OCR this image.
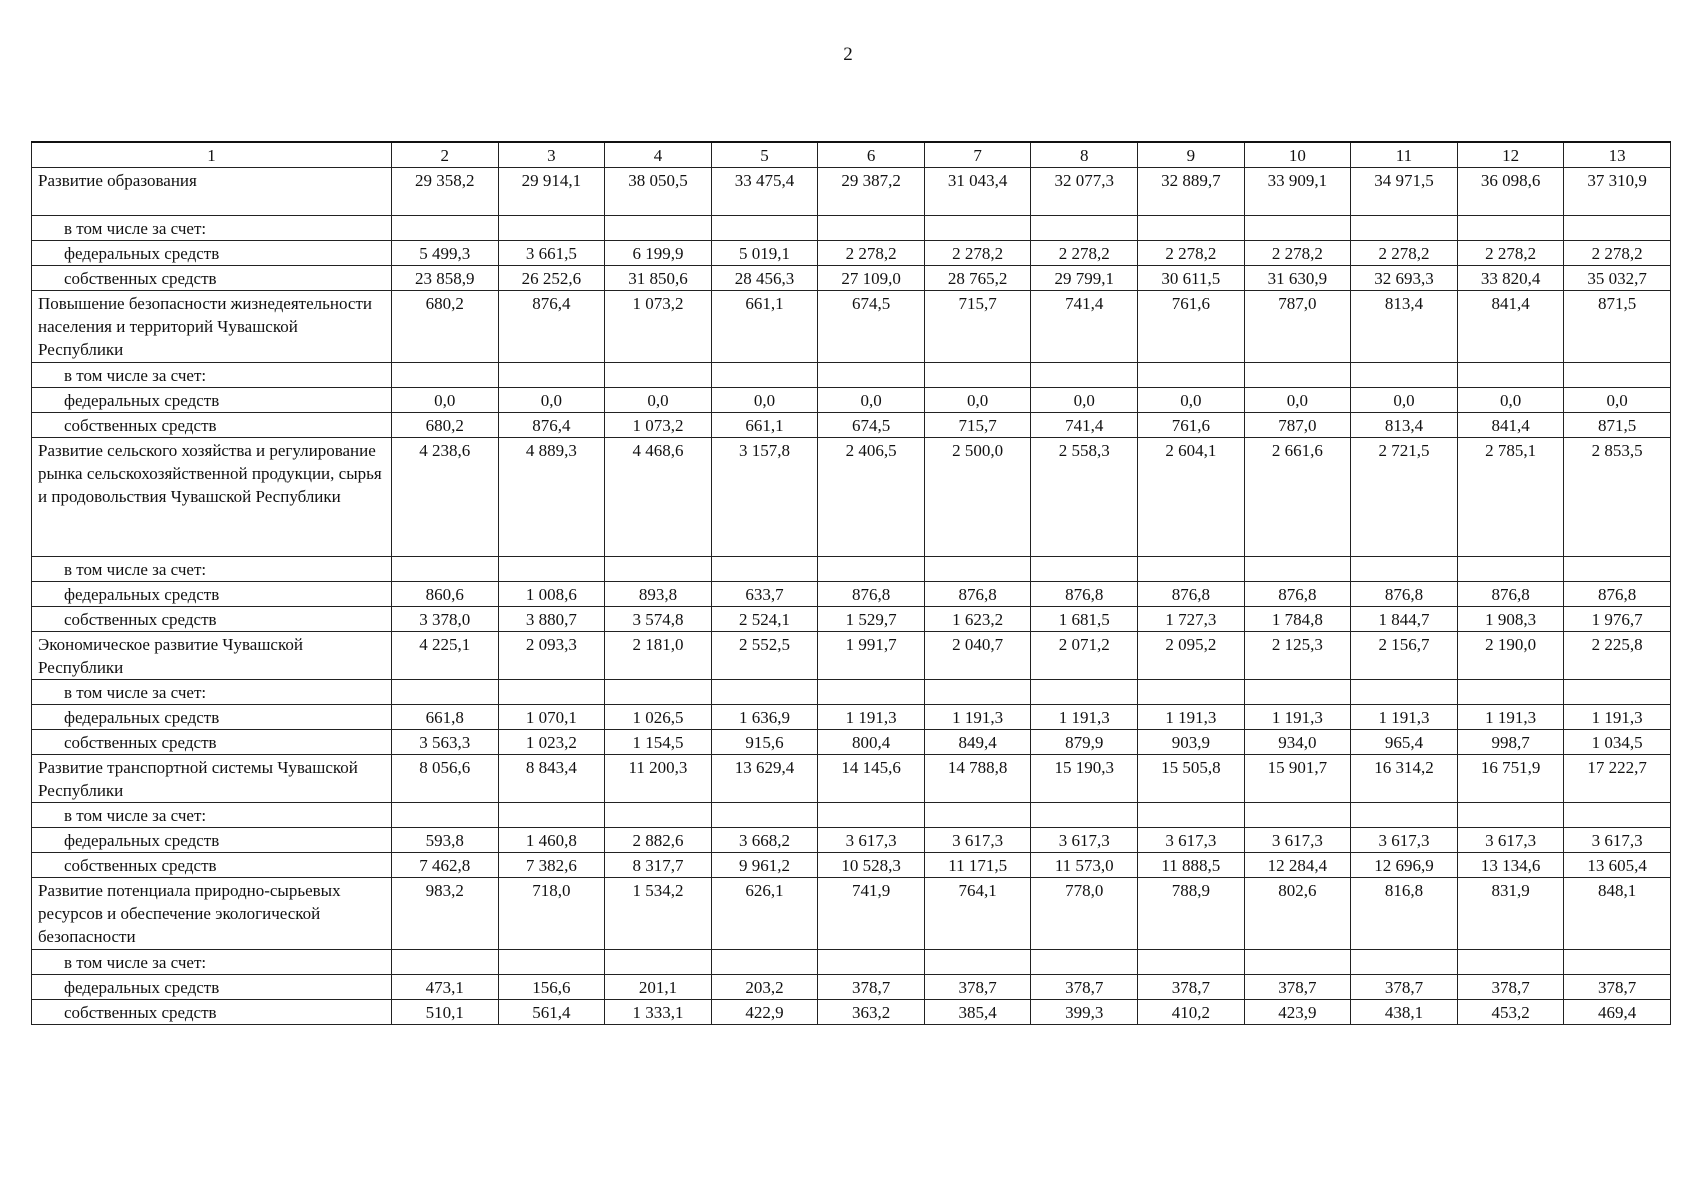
2
1	2	3	4	5	6	7	8	9	10	11	12	13
Развитие образования	29 358,2	29 914,1	38 050,5	33 475,4	29 387,2	31 043,4	32 077,3	32 889,7	33 909,1	34 971,5	36 098,6	37 310,9
в том числе за счет:												
федеральных средств	5 499,3	3 661,5	6 199,9	5 019,1	2 278,2	2 278,2	2 278,2	2 278,2	2 278,2	2 278,2	2 278,2	2 278,2
собственных средств	23 858,9	26 252,6	31 850,6	28 456,3	27 109,0	28 765,2	29 799,1	30 611,5	31 630,9	32 693,3	33 820,4	35 032,7
Повышение безопасности жизнедеятельности населения и территорий Чувашской Республики	680,2	876,4	1 073,2	661,1	674,5	715,7	741,4	761,6	787,0	813,4	841,4	871,5
в том числе за счет:												
федеральных средств	0,0	0,0	0,0	0,0	0,0	0,0	0,0	0,0	0,0	0,0	0,0	0,0
собственных средств	680,2	876,4	1 073,2	661,1	674,5	715,7	741,4	761,6	787,0	813,4	841,4	871,5
Развитие сельского хозяйства и регулирование рынка сельскохозяйственной продукции, сырья и продовольствия Чувашской Республики	4 238,6	4 889,3	4 468,6	3 157,8	2 406,5	2 500,0	2 558,3	2 604,1	2 661,6	2 721,5	2 785,1	2 853,5
в том числе за счет:												
федеральных средств	860,6	1 008,6	893,8	633,7	876,8	876,8	876,8	876,8	876,8	876,8	876,8	876,8
собственных средств	3 378,0	3 880,7	3 574,8	2 524,1	1 529,7	1 623,2	1 681,5	1 727,3	1 784,8	1 844,7	1 908,3	1 976,7
Экономическое развитие Чувашской Республики	4 225,1	2 093,3	2 181,0	2 552,5	1 991,7	2 040,7	2 071,2	2 095,2	2 125,3	2 156,7	2 190,0	2 225,8
в том числе за счет:												
федеральных средств	661,8	1 070,1	1 026,5	1 636,9	1 191,3	1 191,3	1 191,3	1 191,3	1 191,3	1 191,3	1 191,3	1 191,3
собственных средств	3 563,3	1 023,2	1 154,5	915,6	800,4	849,4	879,9	903,9	934,0	965,4	998,7	1 034,5
Развитие транспортной системы Чувашской Республики	8 056,6	8 843,4	11 200,3	13 629,4	14 145,6	14 788,8	15 190,3	15 505,8	15 901,7	16 314,2	16 751,9	17 222,7
в том числе за счет:												
федеральных средств	593,8	1 460,8	2 882,6	3 668,2	3 617,3	3 617,3	3 617,3	3 617,3	3 617,3	3 617,3	3 617,3	3 617,3
собственных средств	7 462,8	7 382,6	8 317,7	9 961,2	10 528,3	11 171,5	11 573,0	11 888,5	12 284,4	12 696,9	13 134,6	13 605,4
Развитие потенциала природно-сырьевых ресурсов и обеспечение экологической безопасности	983,2	718,0	1 534,2	626,1	741,9	764,1	778,0	788,9	802,6	816,8	831,9	848,1
в том числе за счет:												
федеральных средств	473,1	156,6	201,1	203,2	378,7	378,7	378,7	378,7	378,7	378,7	378,7	378,7
собственных средств	510,1	561,4	1 333,1	422,9	363,2	385,4	399,3	410,2	423,9	438,1	453,2	469,4
